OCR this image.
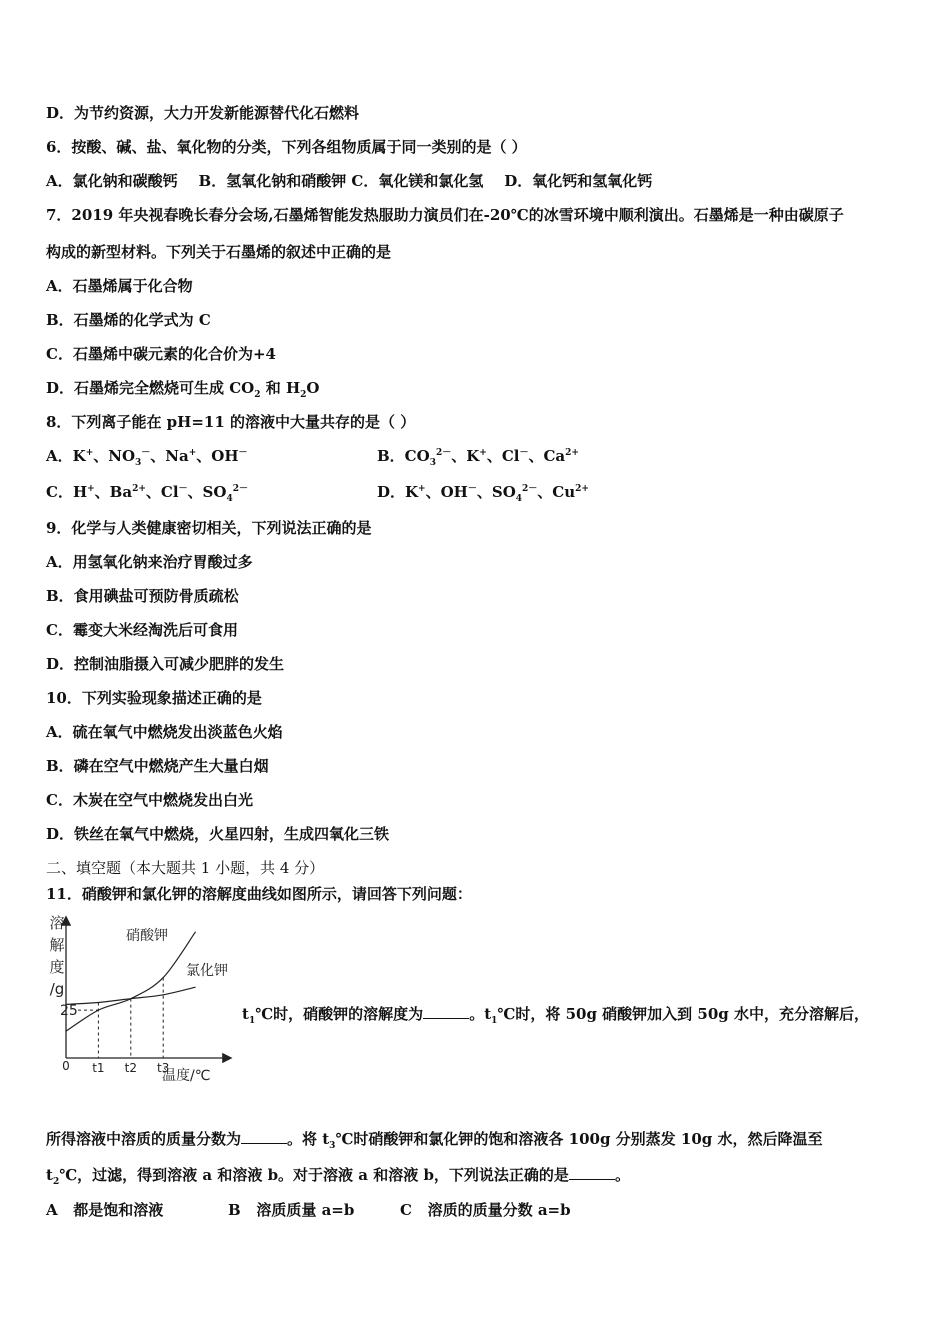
D．为节约资源，大力开发新能源替代化石燃料
6．按酸、碱、盐、氧化物的分类，下列各组物质属于同一类别的是（ ）
A．氯化钠和碳酸钙    B．氢氧化钠和硝酸钾 C．氧化镁和氯化氢    D．氧化钙和氢氧化钙
7．2019 年央视春晚长春分会场,石墨烯智能发热服助力演员们在-20℃的冰雪环境中顺利演出。石墨烯是一种由碳原子
构成的新型材料。下列关于石墨烯的叙述中正确的是
A．石墨烯属于化合物
B．石墨烯的化学式为 C
C．石墨烯中碳元素的化合价为+4
D．石墨烯完全燃烧可生成 $CO_2$ 和 $H_2O$
8．下列离子能在 pH=11 的溶液中大量共存的是（ ）
A．K+、$NO_3^-$、Na+、OH－	B．$CO_3^{2-}$、K+、Cl－、$Ca^{2+}$
C．H+、$Ba^{2+}$、Cl－、$SO_4^{2-}$	D．K+、OH－、$SO_4^{2-}$、$Cu^{2+}$
9．化学与人类健康密切相关，下列说法正确的是
A．用氢氧化钠来治疗胃酸过多
B．食用碘盐可预防骨质疏松
C．霉变大米经淘洗后可食用
D．控制油脂摄入可减少肥胖的发生
10．下列实验现象描述正确的是
A．硫在氧气中燃烧发出淡蓝色火焰
B．磷在空气中燃烧产生大量白烟
C．木炭在空气中燃烧发出白光
D．铁丝在氧气中燃烧，火星四射，生成四氧化三铁
二、填空题（本大题共 1 小题，共 4 分）
11．硝酸钾和氯化钾的溶解度曲线如图所示，请回答下列问题：
溶
解
度
/g
0
温度/℃
25
t1 t2 t3
硝酸钾
氯化钾
$t_1℃$时，硝酸钾的溶解度为	。$t_1℃$时，将 50g 硝酸钾加入到 50g 水中，充分溶解后，
所得溶液中溶质的质量分数为	。将 $t_3℃$时硝酸钾和氯化钾的饱和溶液各 100g 分别蒸发 10g 水，然后降温至
$t_2℃$，过滤，得到溶液 a 和溶液 b。对于溶液 a 和溶液 b，下列说法正确的是	。
A   都是饱和溶液	B   溶质质量 a=b	C   溶质的质量分数 a=b
